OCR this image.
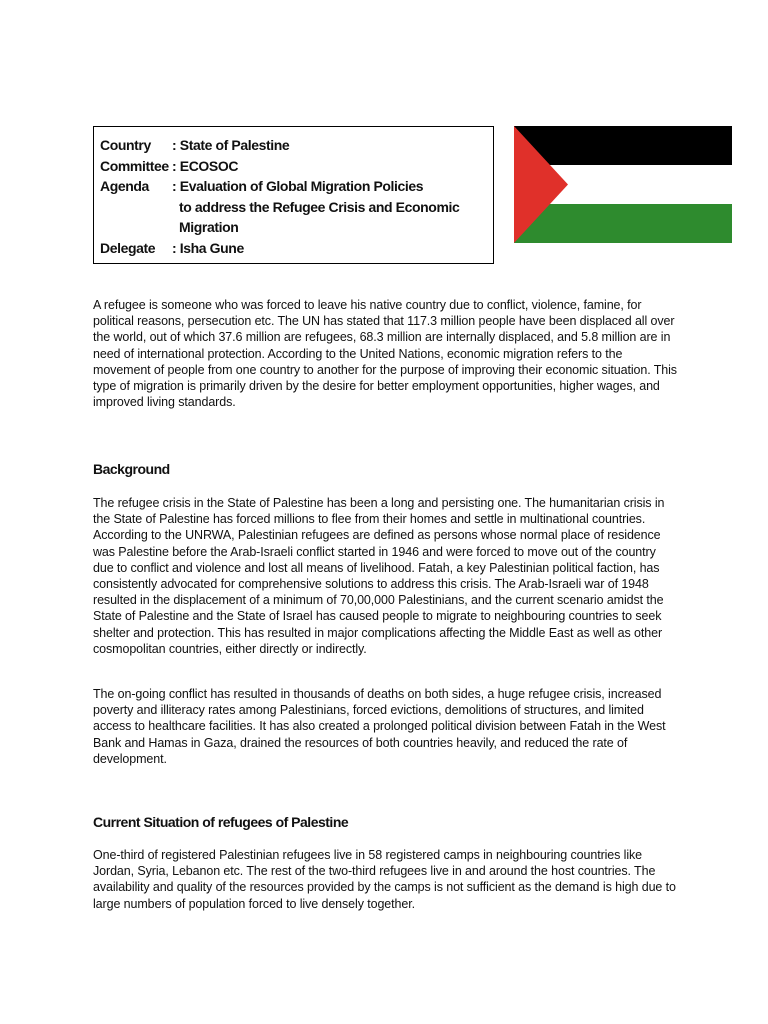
Country	: State of Palestine
Committee : ECOSOC
Agenda	: Evaluation of Global Migration Policies
to address the Refugee Crisis and Economic
Migration
Delegate	: Isha Gune

A refugee is someone who was forced to leave his native country due to conflict, violence, famine, for political reasons, persecution etc. The UN has stated that 117.3 million people have been displaced all over the world, out of which 37.6 million are refugees, 68.3 million are internally displaced, and 5.8 million are in need of international protection. According to the United Nations, economic migration refers to the movement of people from one country to another for the purpose of improving their economic situation. This type of migration is primarily driven by the desire for better employment opportunities, higher wages, and improved living standards.

Background

The refugee crisis in the State of Palestine has been a long and persisting one. The humanitarian crisis in the State of Palestine has forced millions to flee from their homes and settle in multinational countries. According to the UNRWA, Palestinian refugees are defined as persons whose normal place of residence was Palestine before the Arab-Israeli conflict started in 1946 and were forced to move out of the country due to conflict and violence and lost all means of livelihood. Fatah, a key Palestinian political faction, has consistently advocated for comprehensive solutions to address this crisis. The Arab-Israeli war of 1948 resulted in the displacement of a minimum of 70,00,000 Palestinians, and the current scenario amidst the State of Palestine and the State of Israel has caused people to migrate to neighbouring countries to seek shelter and protection. This has resulted in major complications affecting the Middle East as well as other cosmopolitan countries, either directly or indirectly.

The on-going conflict has resulted in thousands of deaths on both sides, a huge refugee crisis, increased poverty and illiteracy rates among Palestinians, forced evictions, demolitions of structures, and limited access to healthcare facilities. It has also created a prolonged political division between Fatah in the West Bank and Hamas in Gaza, drained the resources of both countries heavily, and reduced the rate of development.

Current Situation of refugees of Palestine

One-third of registered Palestinian refugees live in 58 registered camps in neighbouring countries like Jordan, Syria, Lebanon etc. The rest of the two-third refugees live in and around the host countries. The availability and quality of the resources provided by the camps is not sufficient as the demand is high due to large numbers of population forced to live densely together.
